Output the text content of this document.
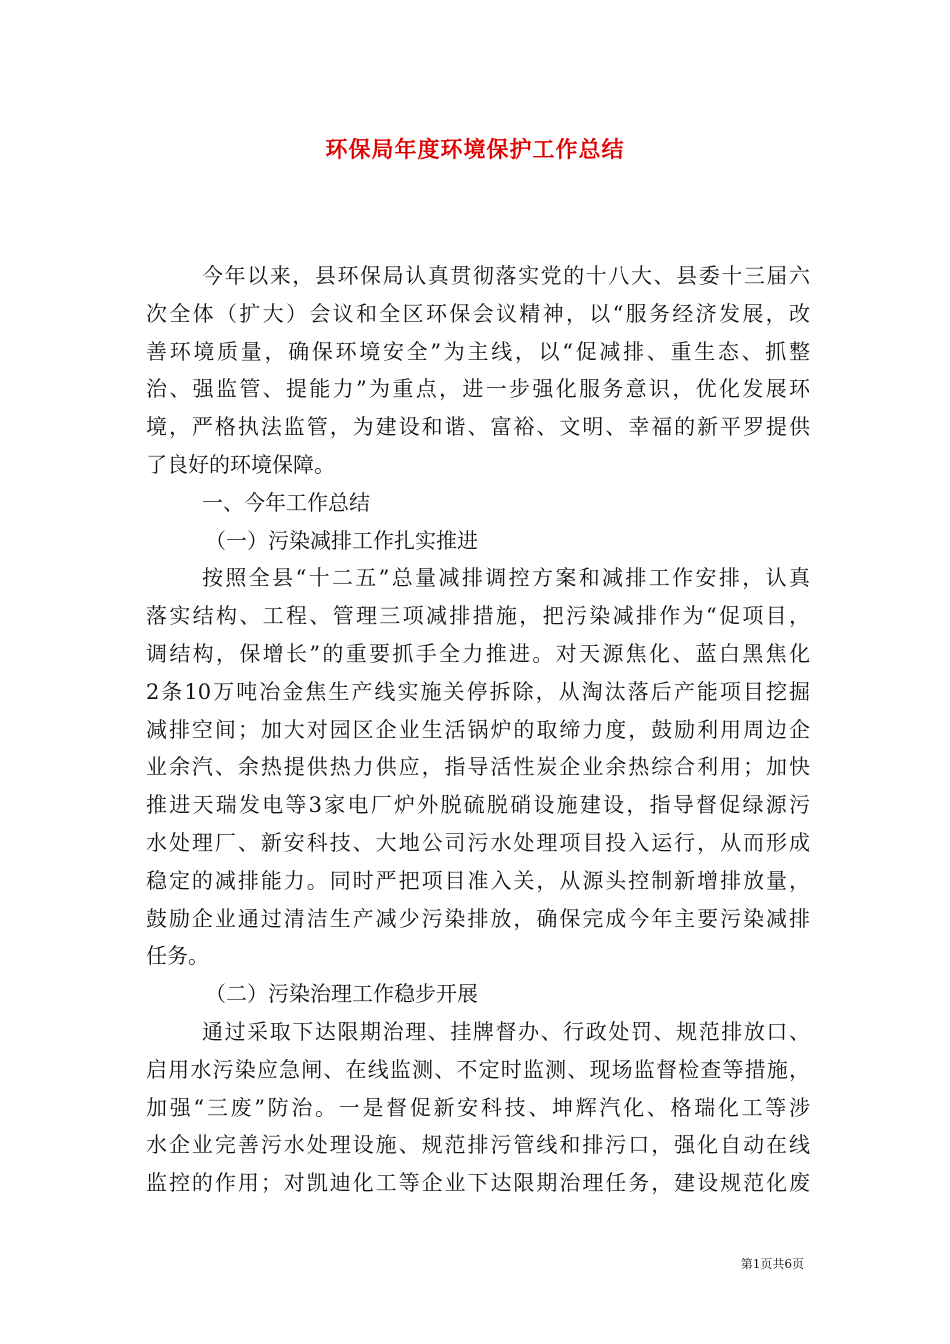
环保局年度环境保护工作总结
今年以来，县环保局认真贯彻落实党的十八大、县委十三届六
次全体（扩大）会议和全区环保会议精神，以“服务经济发展，改
善环境质量，确保环境安全”为主线，以“促减排、重生态、抓整
治、强监管、提能力”为重点，进一步强化服务意识，优化发展环
境，严格执法监管，为建设和谐、富裕、文明、幸福的新平罗提供
了良好的环境保障。
一、今年工作总结
（一）污染减排工作扎实推进
按照全县“十二五”总量减排调控方案和减排工作安排，认真
落实结构、工程、管理三项减排措施，把污染减排作为“促项目，
调结构，保增长”的重要抓手全力推进。对天源焦化、蓝白黑焦化
2条10万吨冶金焦生产线实施关停拆除，从淘汰落后产能项目挖掘
减排空间；加大对园区企业生活锅炉的取缔力度，鼓励利用周边企
业余汽、余热提供热力供应，指导活性炭企业余热综合利用；加快
推进天瑞发电等3家电厂炉外脱硫脱硝设施建设，指导督促绿源污
水处理厂、新安科技、大地公司污水处理项目投入运行，从而形成
稳定的减排能力。同时严把项目准入关，从源头控制新增排放量，
鼓励企业通过清洁生产减少污染排放，确保完成今年主要污染减排
任务。
（二）污染治理工作稳步开展
通过采取下达限期治理、挂牌督办、行政处罚、规范排放口、
启用水污染应急闸、在线监测、不定时监测、现场监督检查等措施，
加强“三废”防治。一是督促新安科技、坤辉汽化、格瑞化工等涉
水企业完善污水处理设施、规范排污管线和排污口，强化自动在线
监控的作用；对凯迪化工等企业下达限期治理任务，建设规范化废
第1页共6页
